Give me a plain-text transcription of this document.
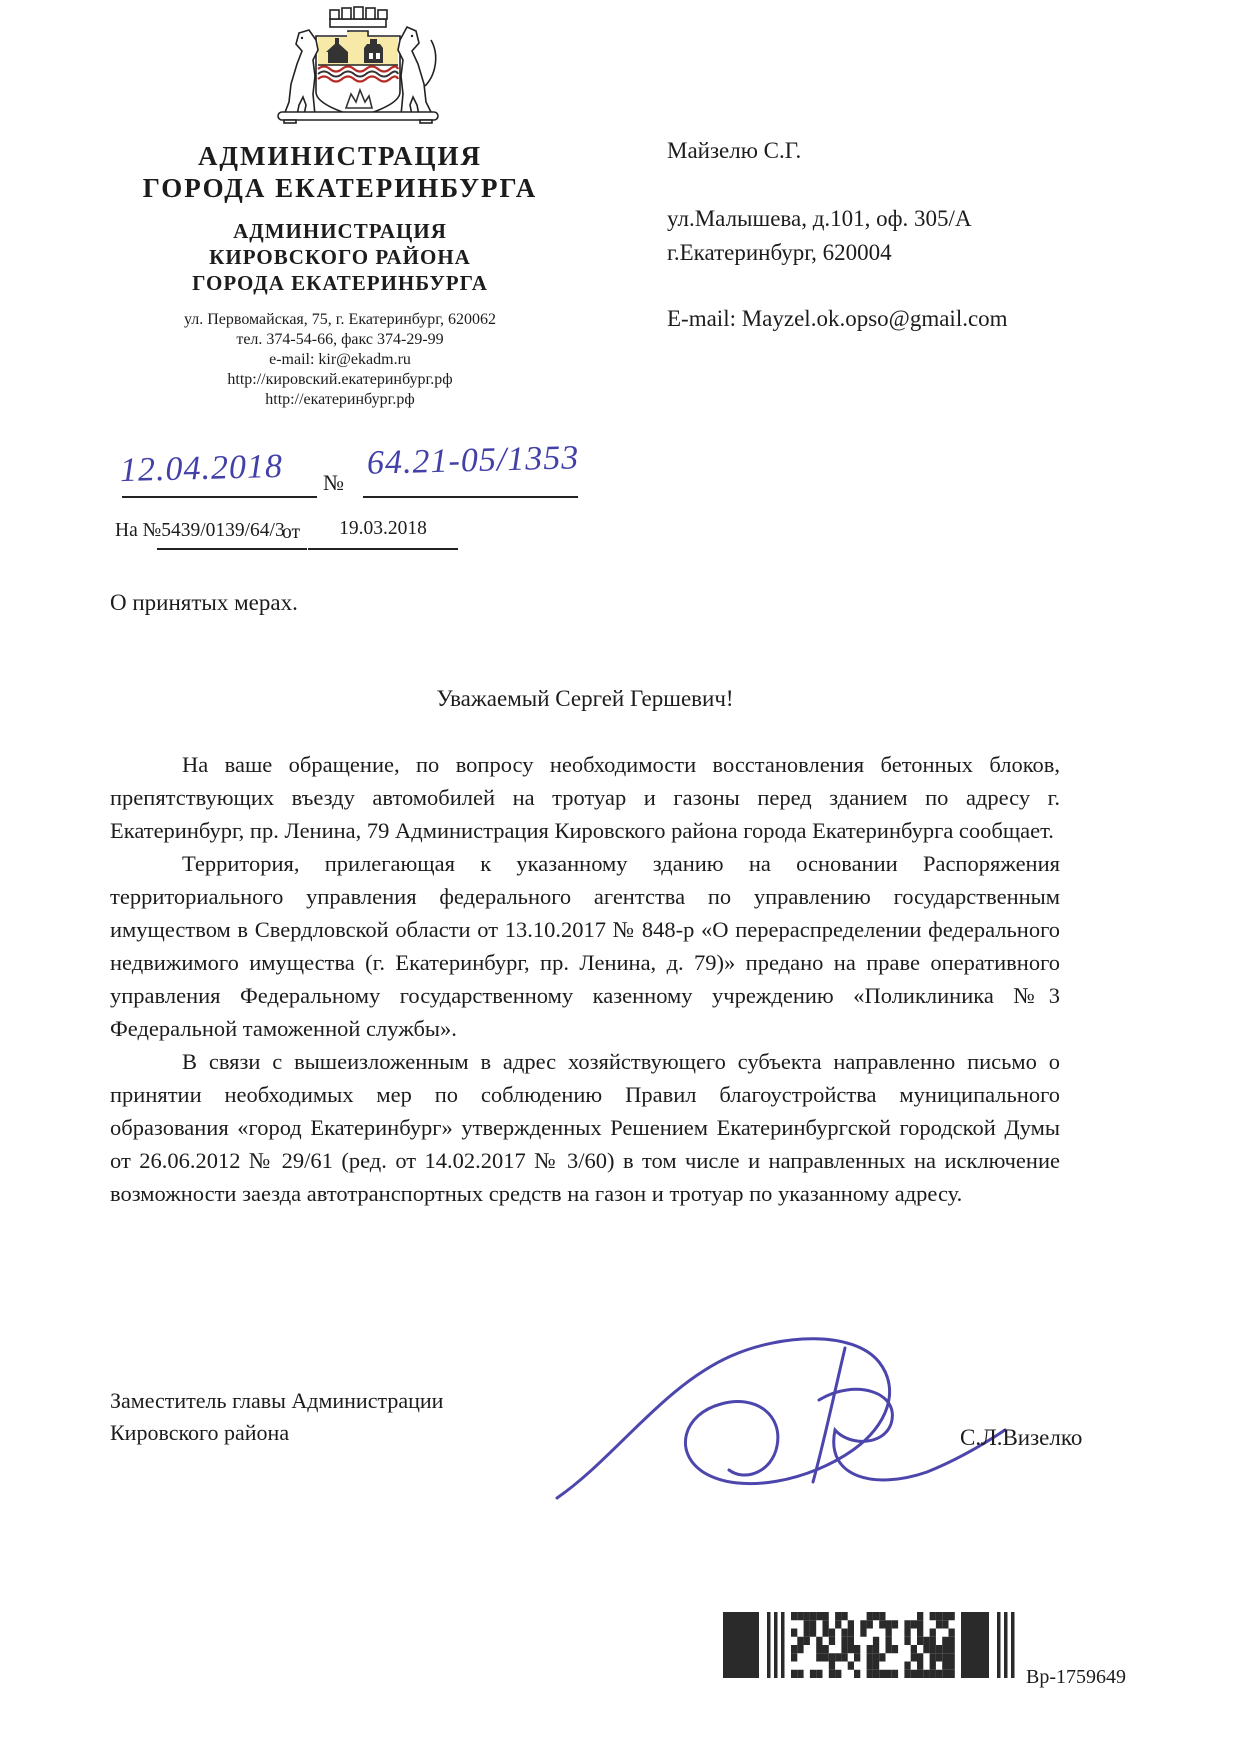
АДМИНИСТРАЦИЯ
ГОРОДА ЕКАТЕРИНБУРГА
АДМИНИСТРАЦИЯ
КИРОВСКОГО РАЙОНА
ГОРОДА ЕКАТЕРИНБУРГА
ул. Первомайская, 75, г. Екатеринбург, 620062
тел. 374-54-66, факс 374-29-99
e-mail: kir@ekadm.ru
http://кировский.екатеринбург.рф
http://екатеринбург.рф
Майзелю С.Г.
ул.Малышева, д.101, оф. 305/А
г.Екатеринбург, 620004
E-mail: Mayzel.ok.opso@gmail.com
12.04.2018 №
64.21-05/1353
На №5439/0139/64/3
от	19.03.2018
О принятых мерах.
Уважаемый Сергей Гершевич!

На ваше обращение, по вопросу необходимости восстановления бетонных блоков, препятствующих въезду автомобилей на тротуар и газоны перед зданием по адресу г. Екатеринбург, пр. Ленина, 79 Администрация Кировского района города Екатеринбурга сообщает.

Территория, прилегающая к указанному зданию на основании Распоряжения территориального управления федерального агентства по управлению государственным имуществом в Свердловской области от 13.10.2017 № 848-р «О перераспределении федерального недвижимого имущества (г. Екатеринбург, пр. Ленина, д. 79)» предано на праве оперативного управления Федеральному государственному казенному учреждению «Поликлиника №3 Федеральной таможенной службы».

В связи с вышеизложенным в адрес хозяйствующего субъекта направленно письмо о принятии необходимых мер по соблюдению Правил благоустройства муниципального образования «город Екатеринбург» утвержденных Решением Екатеринбургской городской Думы от 26.06.2012 № 29/61 (ред. от 14.02.2017 № 3/60) в том числе и направленных на исключение возможности заезда автотранспортных средств на газон и тротуар по указанному адресу.

Заместитель главы Администрации
Кировского района	С.Л.Визелко
Вр-1759649
